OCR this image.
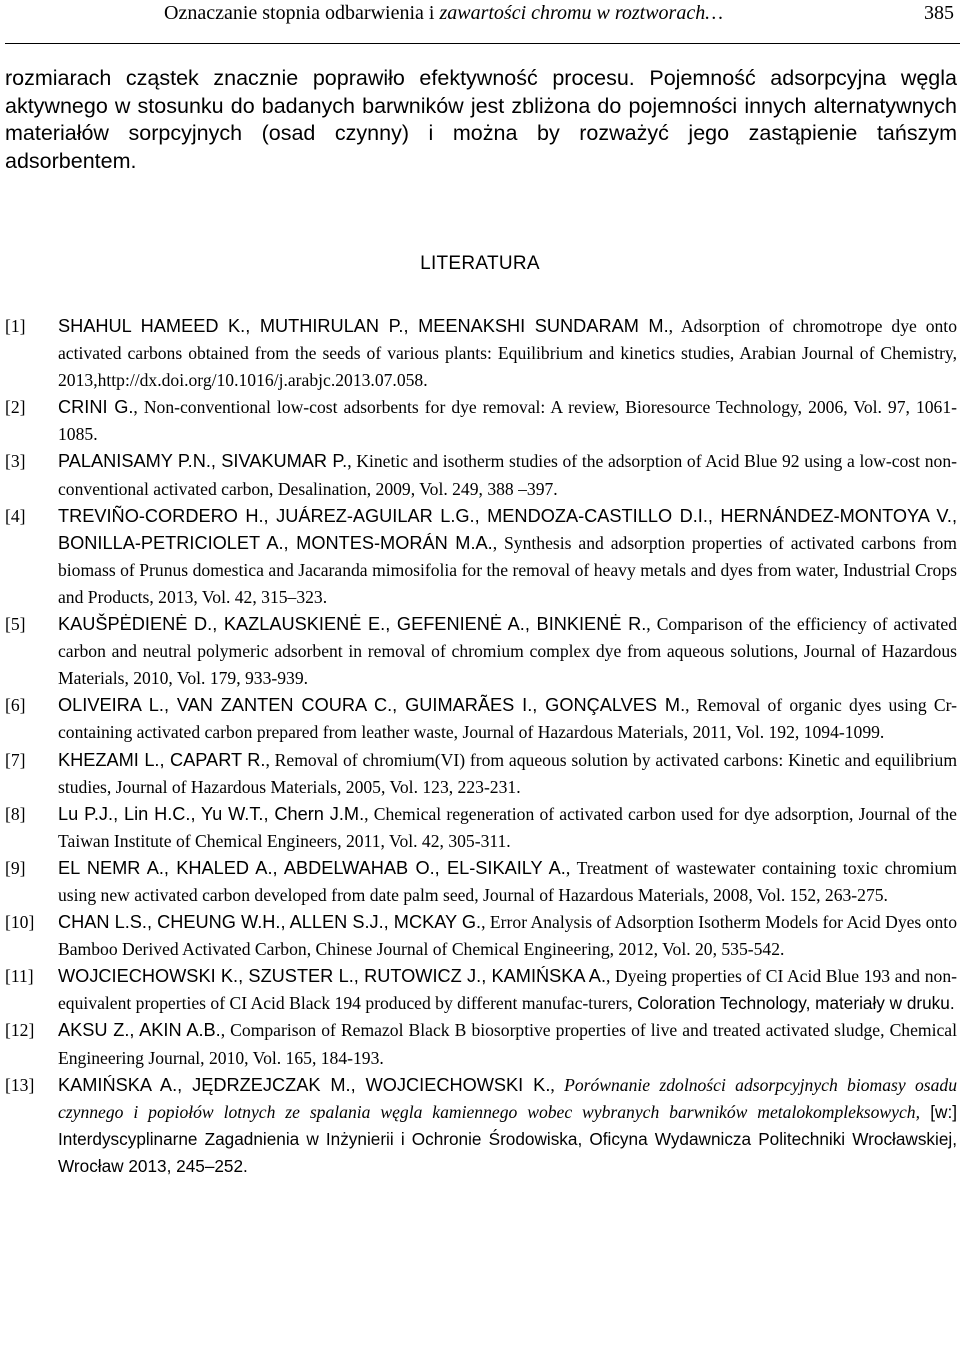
Oznaczanie stopnia odbarwienia i zawartości chromu w roztworach…	385
rozmiarach cząstek znacznie poprawiło efektywność procesu. Pojemność adsorpcyjna węgla aktywnego w stosunku do badanych barwników jest zbliżona do pojemności innych alternatywnych materiałów sorpcyjnych (osad czynny) i można by rozważyć jego zastąpienie tańszym adsorbentem.
LITERATURA
[1] SHAHUL HAMEED K., MUTHIRULAN P., MEENAKSHI SUNDARAM M., Adsorption of chromotrope dye onto activated carbons obtained from the seeds of various plants: Equilibrium and kinetics studies, Arabian Journal of Chemistry, 2013,http://dx.doi.org/10.1016/j.arabjc.2013.07.058.
[2] CRINI G., Non-conventional low-cost adsorbents for dye removal: A review, Bioresource Technology, 2006, Vol. 97, 1061-1085.
[3] PALANISAMY P.N., SIVAKUMAR P., Kinetic and isotherm studies of the adsorption of Acid Blue 92 using a low-cost non-conventional activated carbon, Desalination, 2009, Vol. 249, 388 –397.
[4] TREVIÑO-CORDERO H., JUÁREZ-AGUILAR L.G., MENDOZA-CASTILLO D.I., HERNÁNDEZ-MONTOYA V., BONILLA-PETRICIOLET A., MONTES-MORÁN M.A., Synthesis and adsorption properties of activated carbons from biomass of Prunus domestica and Jacaranda mimosifolia for the removal of heavy metals and dyes from water, Industrial Crops and Products, 2013, Vol. 42, 315–323.
[5] KAUŠPĖDIENĖ D., KAZLAUSKIENĖ E., GEFENIENĖ A., BINKIENĖ R., Comparison of the efficiency of activated carbon and neutral polymeric adsorbent in removal of chromium complex dye from aqueous solutions, Journal of Hazardous Materials, 2010, Vol. 179, 933-939.
[6] OLIVEIRA L., VAN ZANTEN COURA C., GUIMARÃES I., GONÇALVES M., Removal of organic dyes using Cr-containing activated carbon prepared from leather waste, Journal of Hazardous Materials, 2011, Vol. 192, 1094-1099.
[7] KHEZAMI L., CAPART R., Removal of chromium(VI) from aqueous solution by activated carbons: Kinetic and equilibrium studies, Journal of Hazardous Materials, 2005, Vol. 123, 223-231.
[8] Lu P.J., Lin H.C., Yu W.T., Chern J.M., Chemical regeneration of activated carbon used for dye adsorption, Journal of the Taiwan Institute of Chemical Engineers, 2011, Vol. 42, 305-311.
[9] EL NEMR A., KHALED A., ABDELWAHAB O., EL-SIKAILY A., Treatment of wastewater containing toxic chromium using new activated carbon developed from date palm seed, Journal of Hazardous Materials, 2008, Vol. 152, 263-275.
[10] CHAN L.S., CHEUNG W.H., ALLEN S.J., MCKAY G., Error Analysis of Adsorption Isotherm Models for Acid Dyes onto Bamboo Derived Activated Carbon, Chinese Journal of Chemical Engineering, 2012, Vol. 20, 535-542.
[11] WOJCIECHOWSKI K., SZUSTER L., RUTOWICZ J., KAMIŃSKA A., Dyeing properties of CI Acid Blue 193 and non-equivalent properties of CI Acid Black 194 produced by different manufac-turers, Coloration Technology, materiały w druku.
[12] AKSU Z., AKIN A.B., Comparison of Remazol Black B biosorptive properties of live and treated activated sludge, Chemical Engineering Journal, 2010, Vol. 165, 184-193.
[13] KAMIŃSKA A., JĘDRZEJCZAK M., WOJCIECHOWSKI K., Porównanie zdolności adsorpcyjnych biomasy osadu czynnego i popiołów lotnych ze spalania węgla kamiennego wobec wybranych barwników metalokompleksowych, [w:] Interdyscyplinarne Zagadnienia w Inżynierii i Ochronie Środowiska, Oficyna Wydawnicza Politechniki Wrocławskiej, Wrocław 2013, 245–252.
